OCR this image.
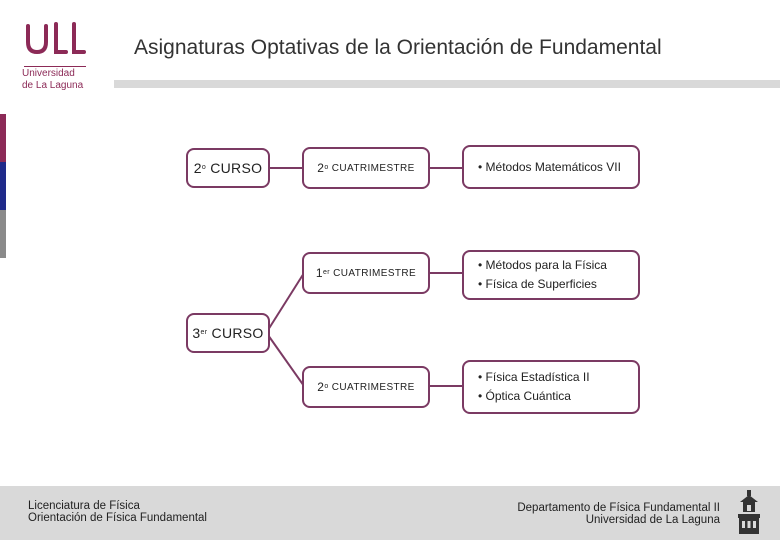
Universidad
de La Laguna
Asignaturas Optativas de la Orientación de Fundamental
2 o
CURSO
3 er
CURSO
2 o
CUATRIMESTRE
1 er
CUATRIMESTRE
2 o
CUATRIMESTRE
• Métodos Matemáticos VII
• Métodos para la Física
• Física de Superficies
• Física Estadística II
• Óptica Cuántica
Licenciatura de Física
Orientación de Física Fundamental
Departamento de Física Fundamental II
Universidad de La Laguna
